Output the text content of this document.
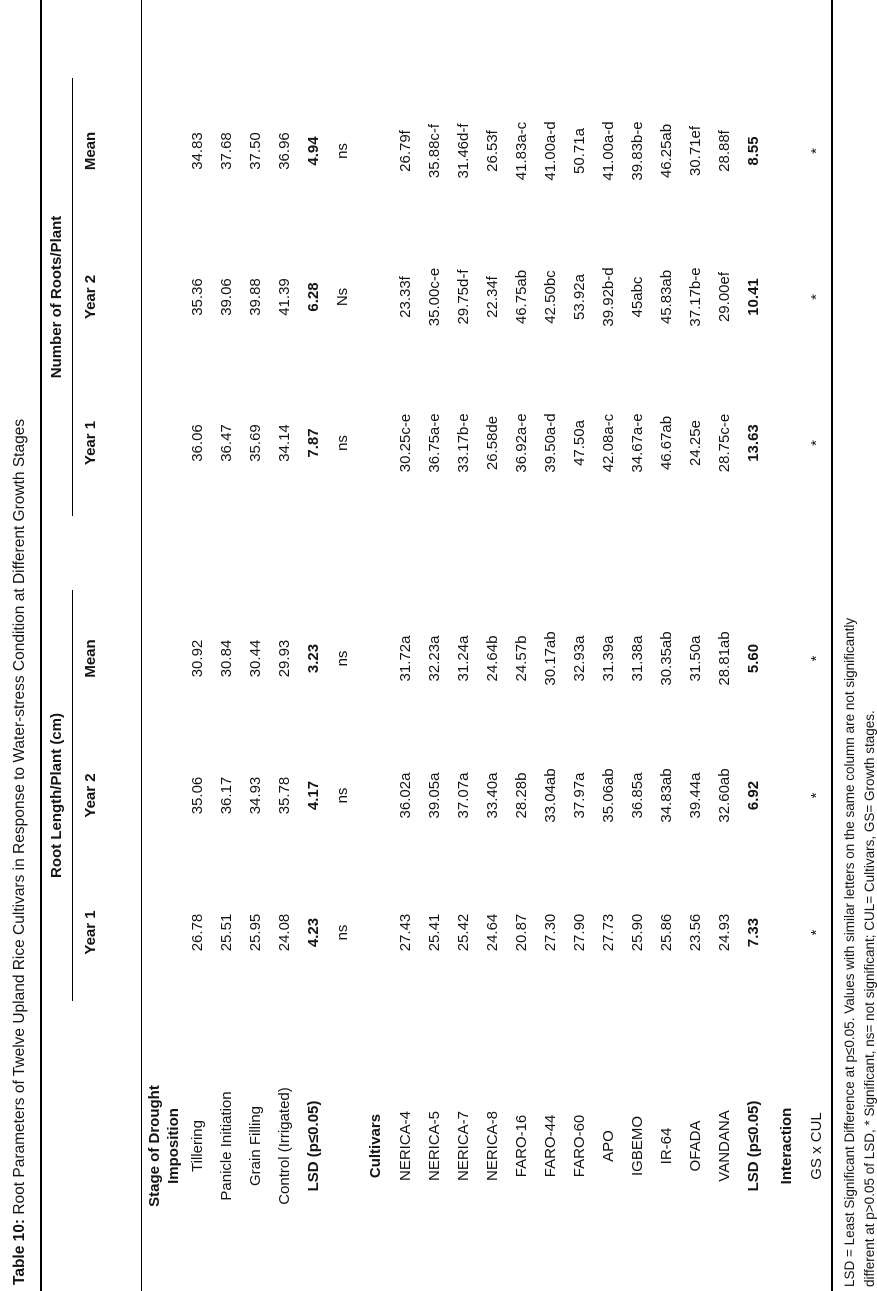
Table 10: Root Parameters of Twelve Upland Rice Cultivars in Response to Water-stress Condition at Different Growth Stages
	Root Length/Plant (cm)				Number of Roots/Plant			
	Year 1	Year 2	Mean		Year 1	Year 2	Mean	
Stage of Drought Imposition								
Tillering	26.78	35.06	30.92		36.06	35.36	34.83	
Panicle Initiation	25.51	36.17	30.84		36.47	39.06	37.68	
Grain Filling	25.95	34.93	30.44		35.69	39.88	37.50	
Control (Irrigated)	24.08	35.78	29.93		34.14	41.39	36.96	
LSD (p≤0.05)	4.23	4.17	3.23		7.87	6.28	4.94	
	ns	ns	ns		ns	Ns	ns	
Cultivars								
NERICA-4	27.43	36.02a	31.72a		30.25c-e	23.33f	26.79f	
NERICA-5	25.41	39.05a	32.23a		36.75a-e	35.00c-e	35.88c-f	
NERICA-7	25.42	37.07a	31.24a		33.17b-e	29.75d-f	31.46d-f	
NERICA-8	24.64	33.40a	24.64b		26.58de	22.34f	26.53f	
FARO-16	20.87	28.28b	24.57b		36.92a-e	46.75ab	41.83a-c	
FARO-44	27.30	33.04ab	30.17ab		39.50a-d	42.50bc	41.00a-d	
FARO-60	27.90	37.97a	32.93a		47.50a	53.92a	50.71a	
APO	27.73	35.06ab	31.39a		42.08a-c	39.92b-d	41.00a-d	
IGBEMO	25.90	36.85a	31.38a		34.67a-e	45abc	39.83b-e	
IR-64	25.86	34.83ab	30.35ab		46.67ab	45.83ab	46.25ab	
OFADA	23.56	39.44a	31.50a		24.25e	37.17b-e	30.71ef	
VANDANA	24.93	32.60ab	28.81ab		28.75c-e	29.00ef	28.88f	
LSD (p≤0.05)	7.33	6.92	5.60		13.63	10.41	8.55	
Interaction								
GS x CUL	*	*	*		*	*	*	
LSD = Least Significant Difference at p≤0.05. Values with similar letters on the same column are not significantly different at p>0.05 of LSD, * Significant, ns= not significant; CUL= Cultivars, GS= Growth stages.
